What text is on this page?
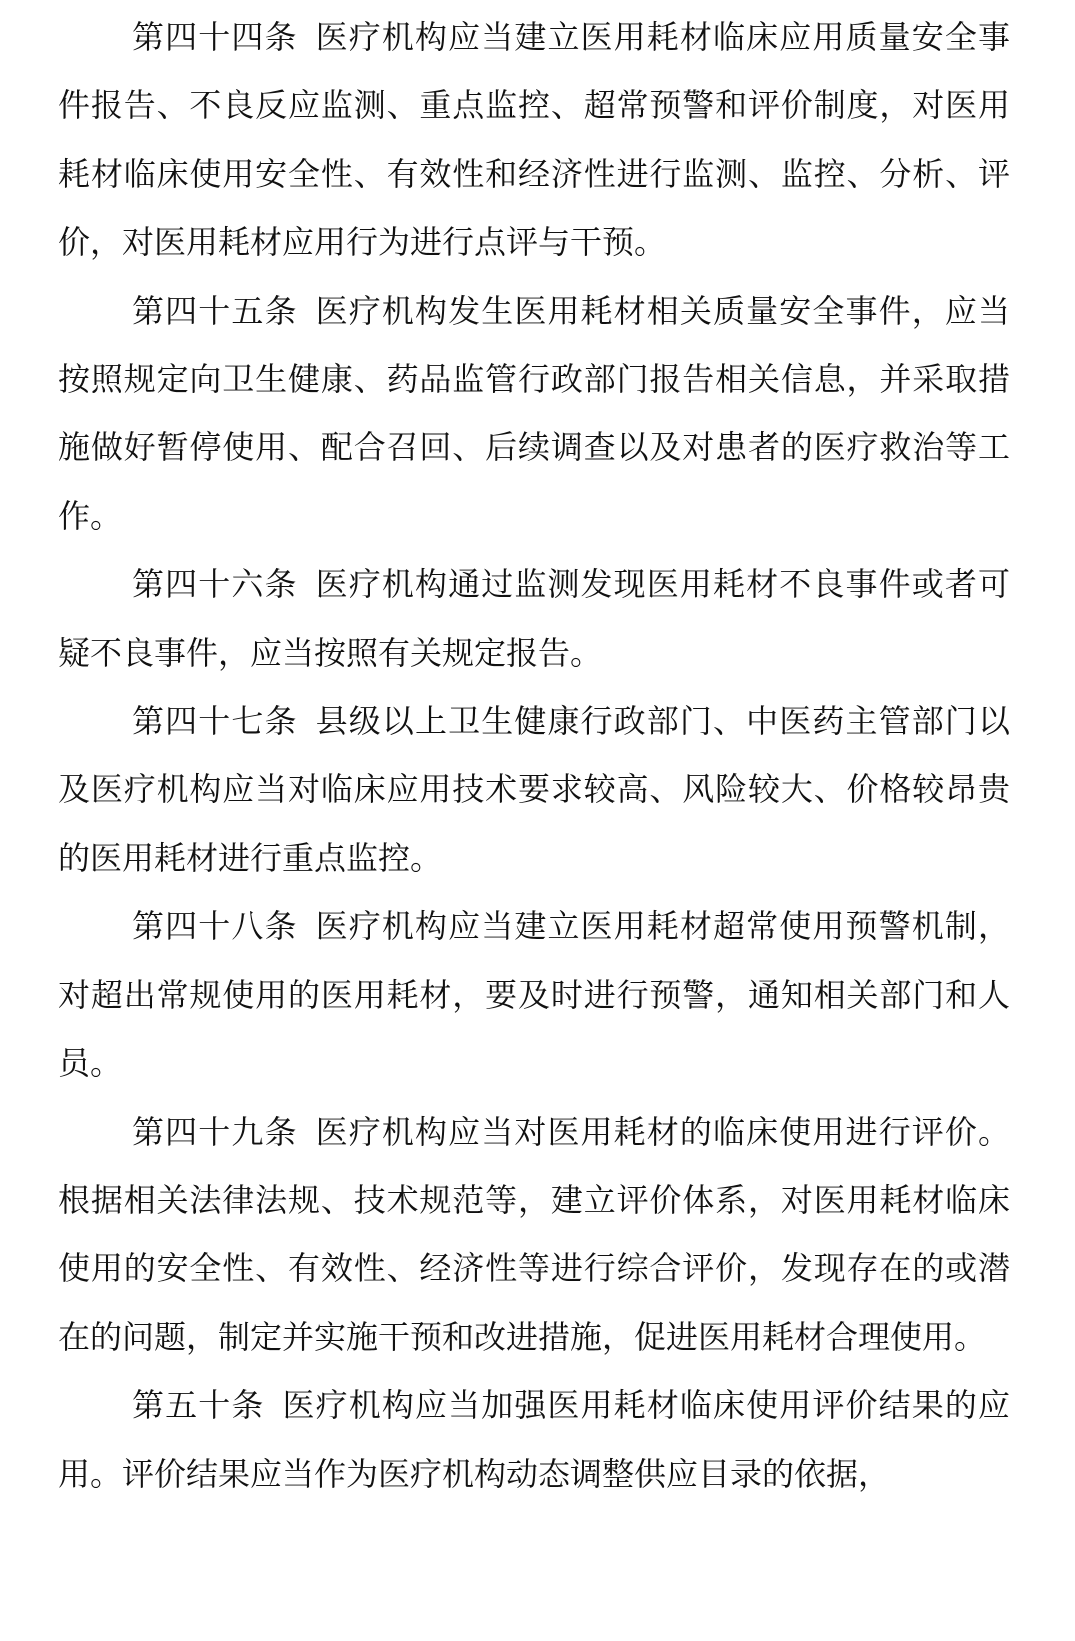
第四十四条 医疗机构应当建立医用耗材临床应用质量安全事件报告、不良反应监测、重点监控、超常预警和评价制度，对医用耗材临床使用安全性、有效性和经济性进行监测、监控、分析、评价，对医用耗材应用行为进行点评与干预。

第四十五条 医疗机构发生医用耗材相关质量安全事件，应当按照规定向卫生健康、药品监管行政部门报告相关信息，并采取措施做好暂停使用、配合召回、后续调查以及对患者的医疗救治等工作。

第四十六条 医疗机构通过监测发现医用耗材不良事件或者可疑不良事件，应当按照有关规定报告。

第四十七条 县级以上卫生健康行政部门、中医药主管部门以及医疗机构应当对临床应用技术要求较高、风险较大、价格较昂贵的医用耗材进行重点监控。

第四十八条 医疗机构应当建立医用耗材超常使用预警机制，对超出常规使用的医用耗材，要及时进行预警，通知相关部门和人员。

第四十九条 医疗机构应当对医用耗材的临床使用进行评价。根据相关法律法规、技术规范等，建立评价体系，对医用耗材临床使用的安全性、有效性、经济性等进行综合评价，发现存在的或潜在的问题，制定并实施干预和改进措施，促进医用耗材合理使用。

第五十条 医疗机构应当加强医用耗材临床使用评价结果的应用。评价结果应当作为医疗机构动态调整供应目录的依据，
